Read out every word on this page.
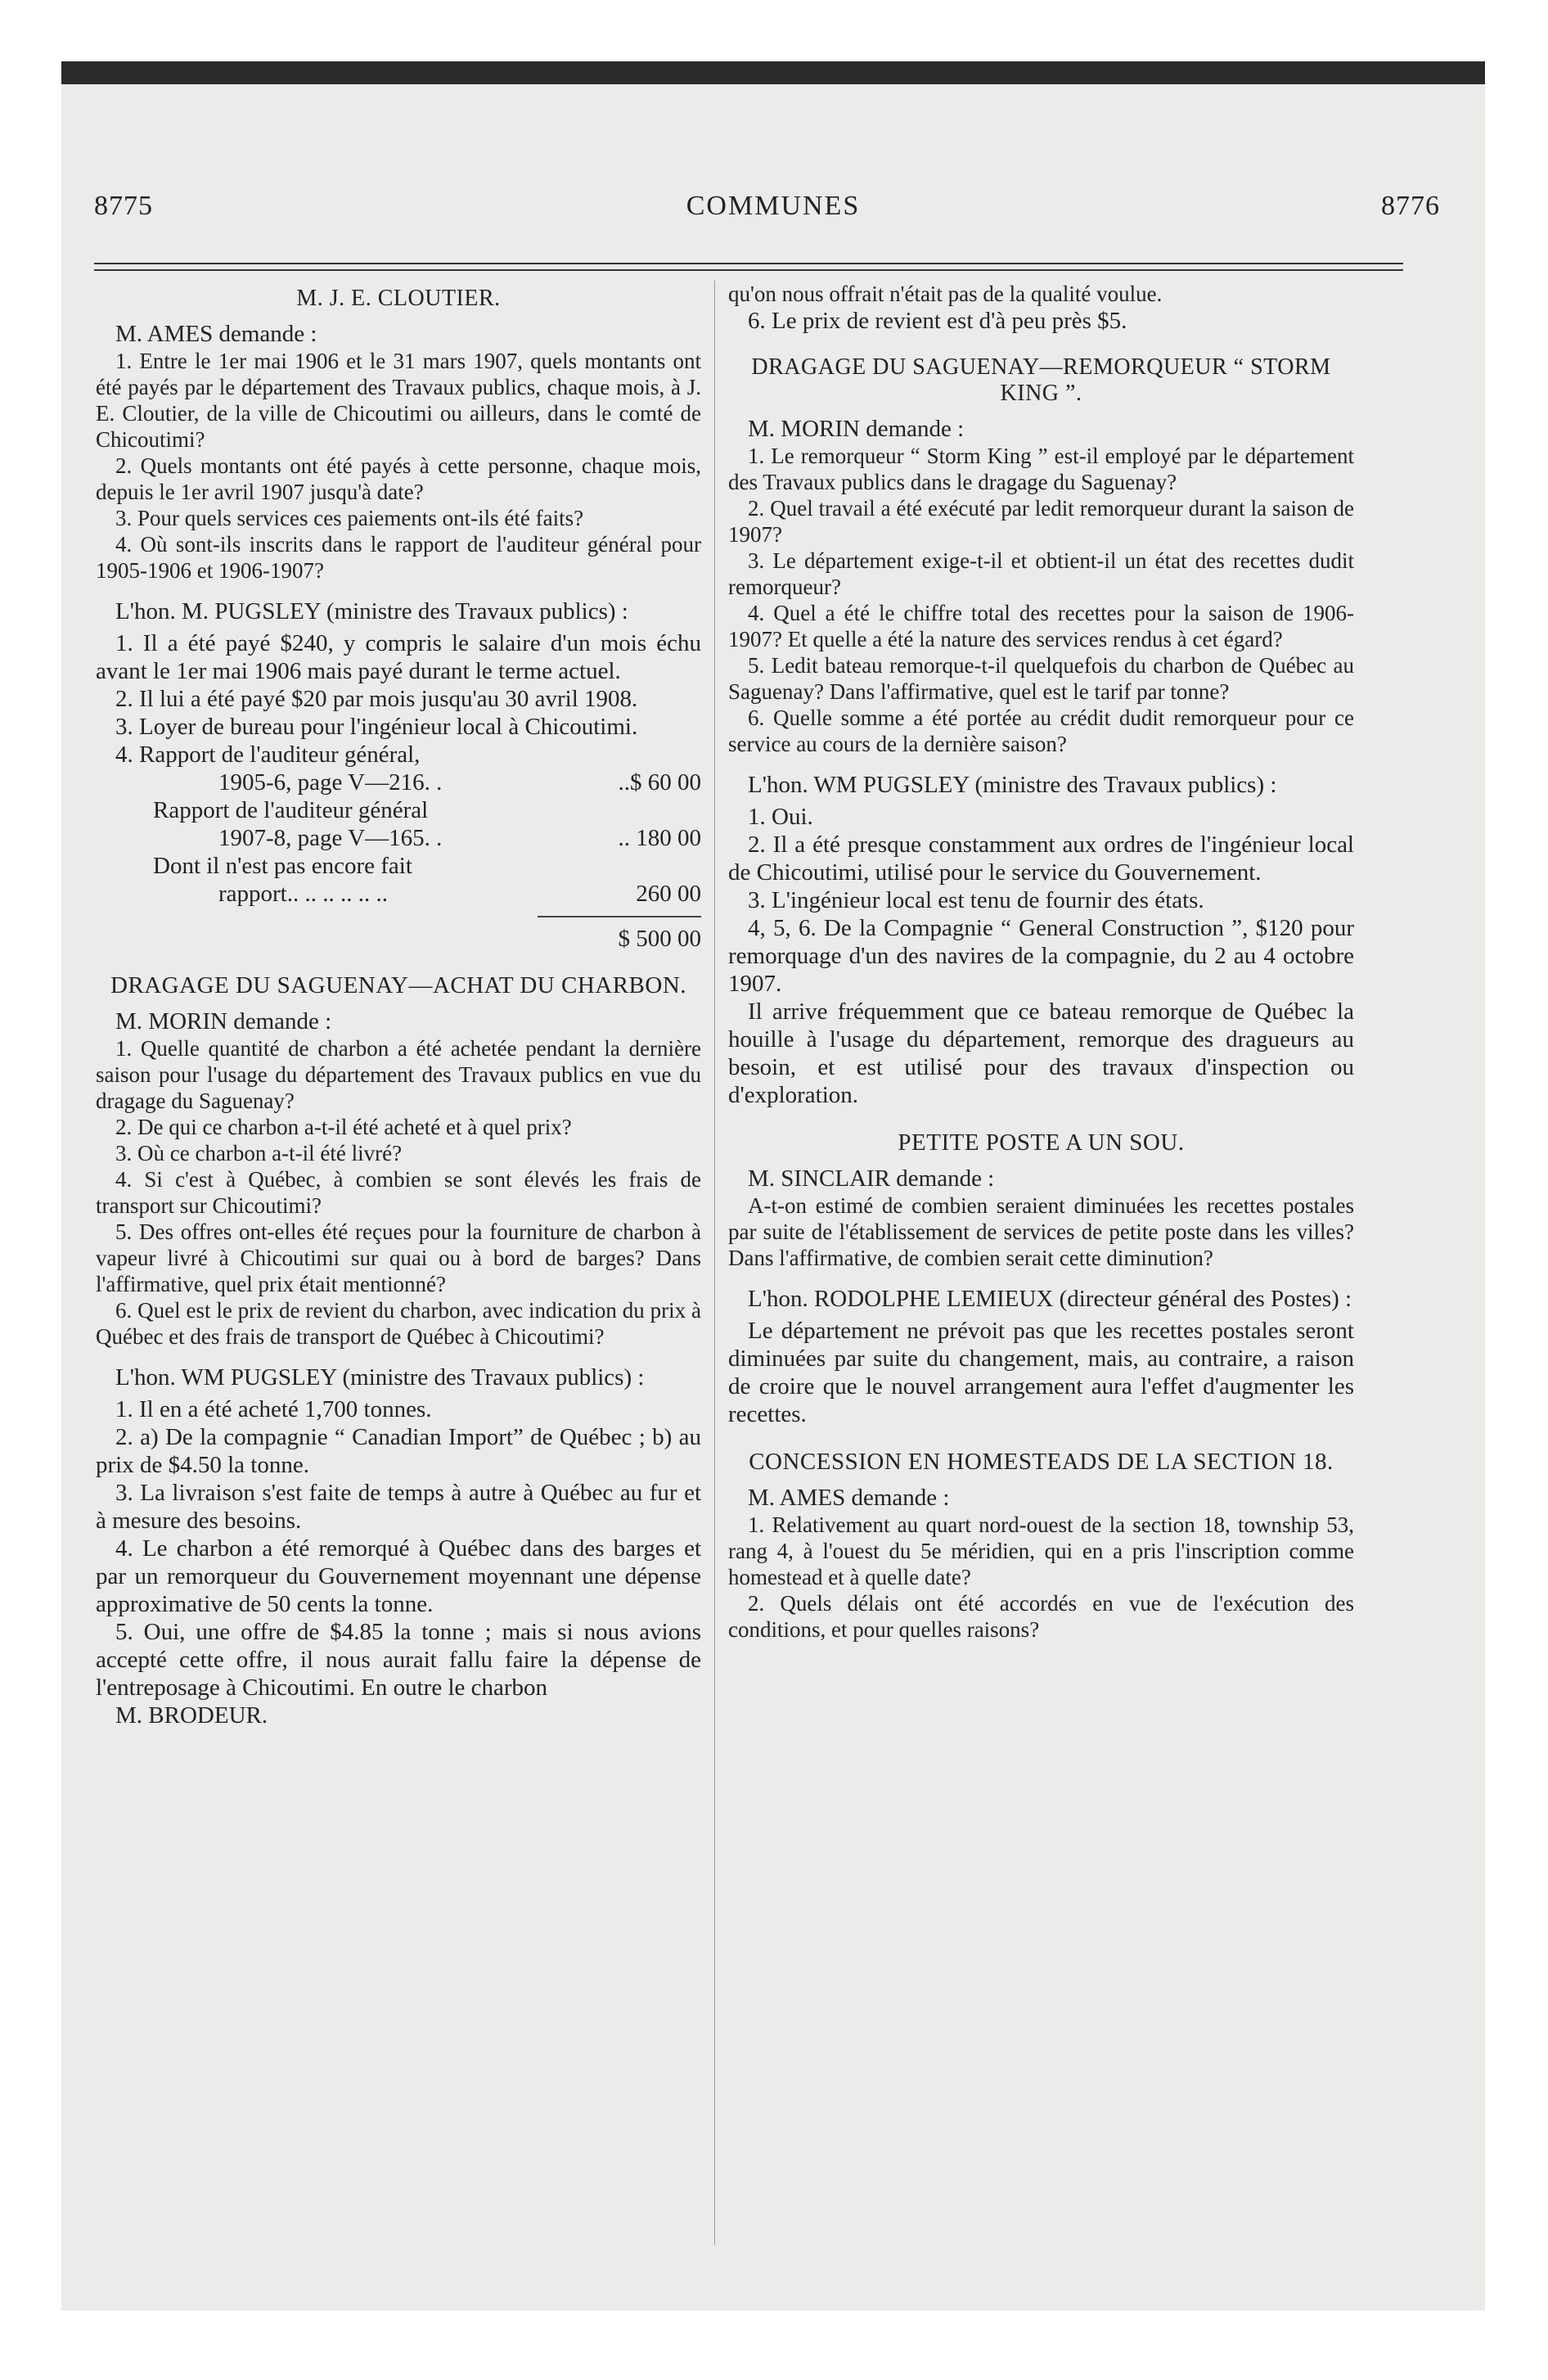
8775	COMMUNES	8776
M. J. E. CLOUTIER.

M. AMES demande :

1. Entre le 1er mai 1906 et le 31 mars 1907, quels montants ont été payés par le département des Travaux publics, chaque mois, à J. E. Cloutier, de la ville de Chicoutimi ou ailleurs, dans le comté de Chicoutimi?

2. Quels montants ont été payés à cette personne, chaque mois, depuis le 1er avril 1907 jusqu'à date?

3. Pour quels services ces paiements ont-ils été faits?

4. Où sont-ils inscrits dans le rapport de l'auditeur général pour 1905-1906 et 1906-1907?

L'hon. M. PUGSLEY (ministre des Travaux publics) :

1. Il a été payé $240, y compris le salaire d'un mois échu avant le 1er mai 1906 mais payé durant le terme actuel.

2. Il lui a été payé $20 par mois jusqu'au 30 avril 1908.

3. Loyer de bureau pour l'ingénieur local à Chicoutimi.

4. Rapport de l'auditeur général,

1905-6, page V—216. .	..$ 60 00
Rapport de l'auditeur général
1907-8, page V—165. .	.. 180 00
Dont il n'est pas encore fait
rapport.. .. .. .. .. ..	260 00
$ 500 00
DRAGAGE DU SAGUENAY—ACHAT DU CHARBON.

M. MORIN demande :

1. Quelle quantité de charbon a été achetée pendant la dernière saison pour l'usage du département des Travaux publics en vue du dragage du Saguenay?

2. De qui ce charbon a-t-il été acheté et à quel prix?

3. Où ce charbon a-t-il été livré?

4. Si c'est à Québec, à combien se sont élevés les frais de transport sur Chicoutimi?

5. Des offres ont-elles été reçues pour la fourniture de charbon à vapeur livré à Chicoutimi sur quai ou à bord de barges? Dans l'affirmative, quel prix était mentionné?

6. Quel est le prix de revient du charbon, avec indication du prix à Québec et des frais de transport de Québec à Chicoutimi?

L'hon. WM PUGSLEY (ministre des Travaux publics) :

1. Il en a été acheté 1,700 tonnes.

2. a) De la compagnie “ Canadian Import” de Québec ; b) au prix de $4.50 la tonne.

3. La livraison s'est faite de temps à autre à Québec au fur et à mesure des besoins.

4. Le charbon a été remorqué à Québec dans des barges et par un remorqueur du Gouvernement moyennant une dépense approximative de 50 cents la tonne.

5. Oui, une offre de $4.85 la tonne ; mais si nous avions accepté cette offre, il nous aurait fallu faire la dépense de l'entreposage à Chicoutimi. En outre le charbon

M. BRODEUR.

qu'on nous offrait n'était pas de la qualité voulue.

6. Le prix de revient est d'à peu près $5.

DRAGAGE DU SAGUENAY—REMORQUEUR “ STORM KING ”.

M. MORIN demande :

1. Le remorqueur “ Storm King ” est-il employé par le département des Travaux publics dans le dragage du Saguenay?

2. Quel travail a été exécuté par ledit remorqueur durant la saison de 1907?

3. Le département exige-t-il et obtient-il un état des recettes dudit remorqueur?

4. Quel a été le chiffre total des recettes pour la saison de 1906-1907? Et quelle a été la nature des services rendus à cet égard?

5. Ledit bateau remorque-t-il quelquefois du charbon de Québec au Saguenay? Dans l'affirmative, quel est le tarif par tonne?

6. Quelle somme a été portée au crédit dudit remorqueur pour ce service au cours de la dernière saison?

L'hon. WM PUGSLEY (ministre des Travaux publics) :

1. Oui.

2. Il a été presque constamment aux ordres de l'ingénieur local de Chicoutimi, utilisé pour le service du Gouvernement.

3. L'ingénieur local est tenu de fournir des états.

4, 5, 6. De la Compagnie “ General Construction ”, $120 pour remorquage d'un des navires de la compagnie, du 2 au 4 octobre 1907.

Il arrive fréquemment que ce bateau remorque de Québec la houille à l'usage du département, remorque des dragueurs au besoin, et est utilisé pour des travaux d'inspection ou d'exploration.

PETITE POSTE A UN SOU.

M. SINCLAIR demande :

A-t-on estimé de combien seraient diminuées les recettes postales par suite de l'établissement de services de petite poste dans les villes? Dans l'affirmative, de combien serait cette diminution?

L'hon. RODOLPHE LEMIEUX (directeur général des Postes) :

Le département ne prévoit pas que les recettes postales seront diminuées par suite du changement, mais, au contraire, a raison de croire que le nouvel arrangement aura l'effet d'augmenter les recettes.

CONCESSION EN HOMESTEADS DE LA SECTION 18.

M. AMES demande :

1. Relativement au quart nord-ouest de la section 18, township 53, rang 4, à l'ouest du 5e méridien, qui en a pris l'inscription comme homestead et à quelle date?

2. Quels délais ont été accordés en vue de l'exécution des conditions, et pour quelles raisons?
